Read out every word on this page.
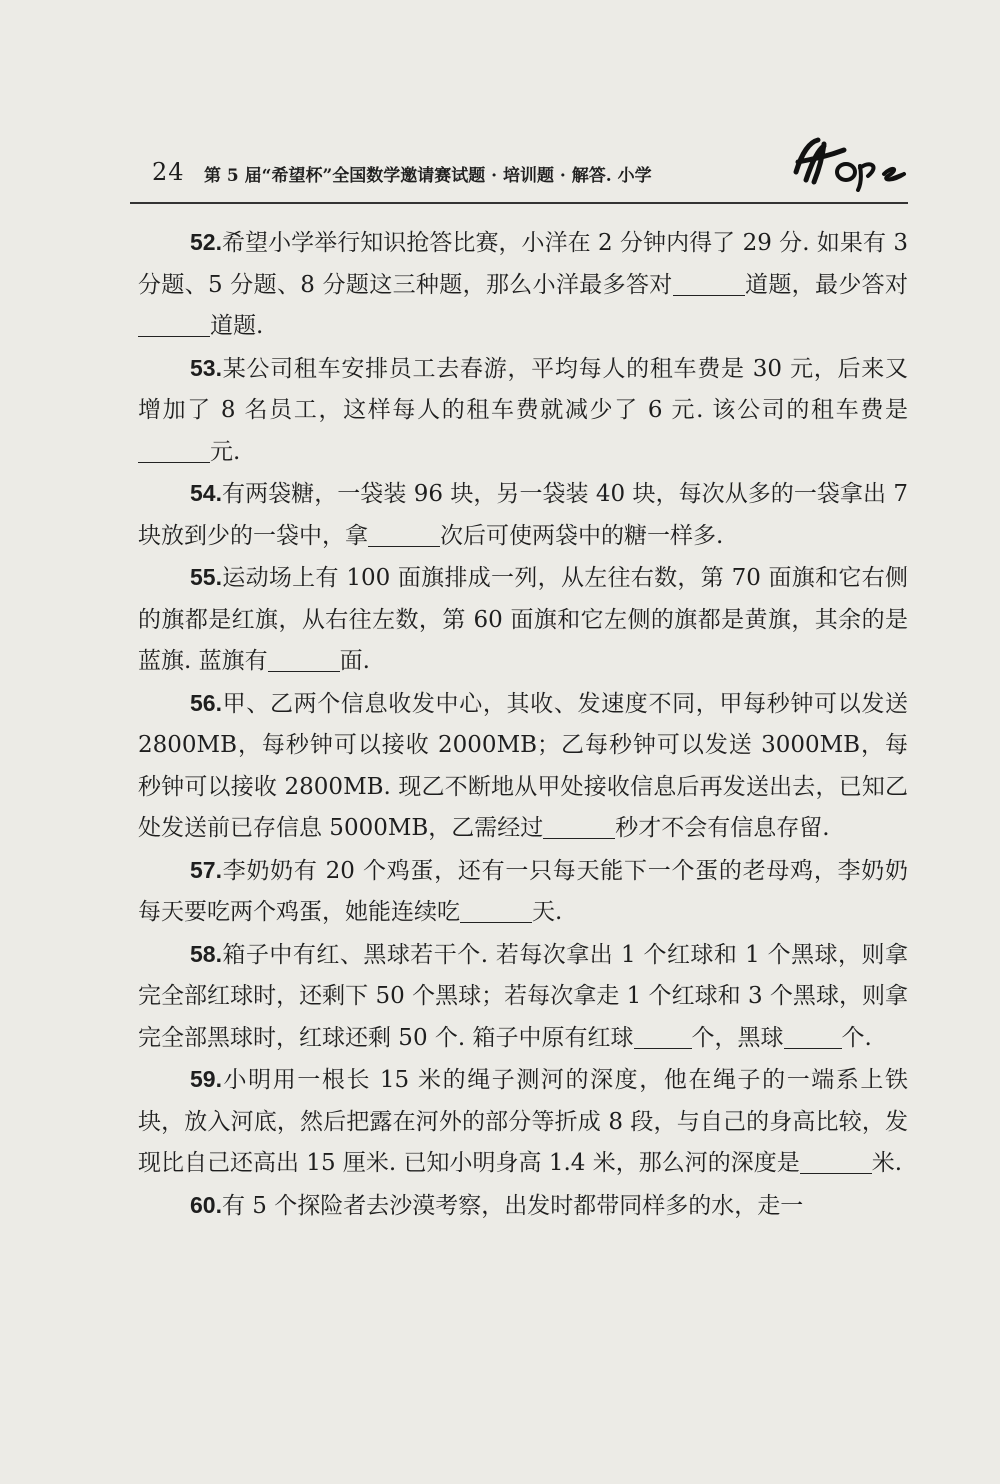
24 第 5 届“希望杯”全国数学邀请赛试题 · 培训题 · 解答. 小学
Hope

52.希望小学举行知识抢答比赛，小洋在 2 分钟内得了 29 分. 如果有 3 分题、5 分题、8 分题这三种题，那么小洋最多答对	道题，最少答对道题.

53.某公司租车安排员工去春游，平均每人的租车费是 30 元，后来又增加了 8 名员工，这样每人的租车费就减少了 6 元. 该公司的租车费是元.

54.有两袋糖，一袋装 96 块，另一袋装 40 块，每次从多的一袋拿出 7 块放到少的一袋中，拿	次后可使两袋中的糖一样多.

55.运动场上有 100 面旗排成一列，从左往右数，第 70 面旗和它右侧的旗都是红旗，从右往左数，第 60 面旗和它左侧的旗都是黄旗，其余的是蓝旗. 蓝旗有	面.

56.甲、乙两个信息收发中心，其收、发速度不同，甲每秒钟可以发送 2800MB，每秒钟可以接收 2000MB；乙每秒钟可以发送 3000MB，每秒钟可以接收 2800MB. 现乙不断地从甲处接收信息后再发送出去，已知乙处发送前已存信息 5000MB，乙需经过	秒才不会有信息存留.

57.李奶奶有 20 个鸡蛋，还有一只每天能下一个蛋的老母鸡，李奶奶每天要吃两个鸡蛋，她能连续吃	天.

58.箱子中有红、黑球若干个. 若每次拿出 1 个红球和 1 个黑球，则拿完全部红球时，还剩下 50 个黑球；若每次拿走 1 个红球和 3 个黑球，则拿完全部黑球时，红球还剩 50 个. 箱子中原有红球	个，黑球	个.

59.小明用一根长 15 米的绳子测河的深度，他在绳子的一端系上铁块，放入河底，然后把露在河外的部分等折成 8 段，与自己的身高比较，发现比自己还高出 15 厘米. 已知小明身高 1.4 米，那么河的深度是	米.

60.有 5 个探险者去沙漠考察，出发时都带同样多的水，走一
